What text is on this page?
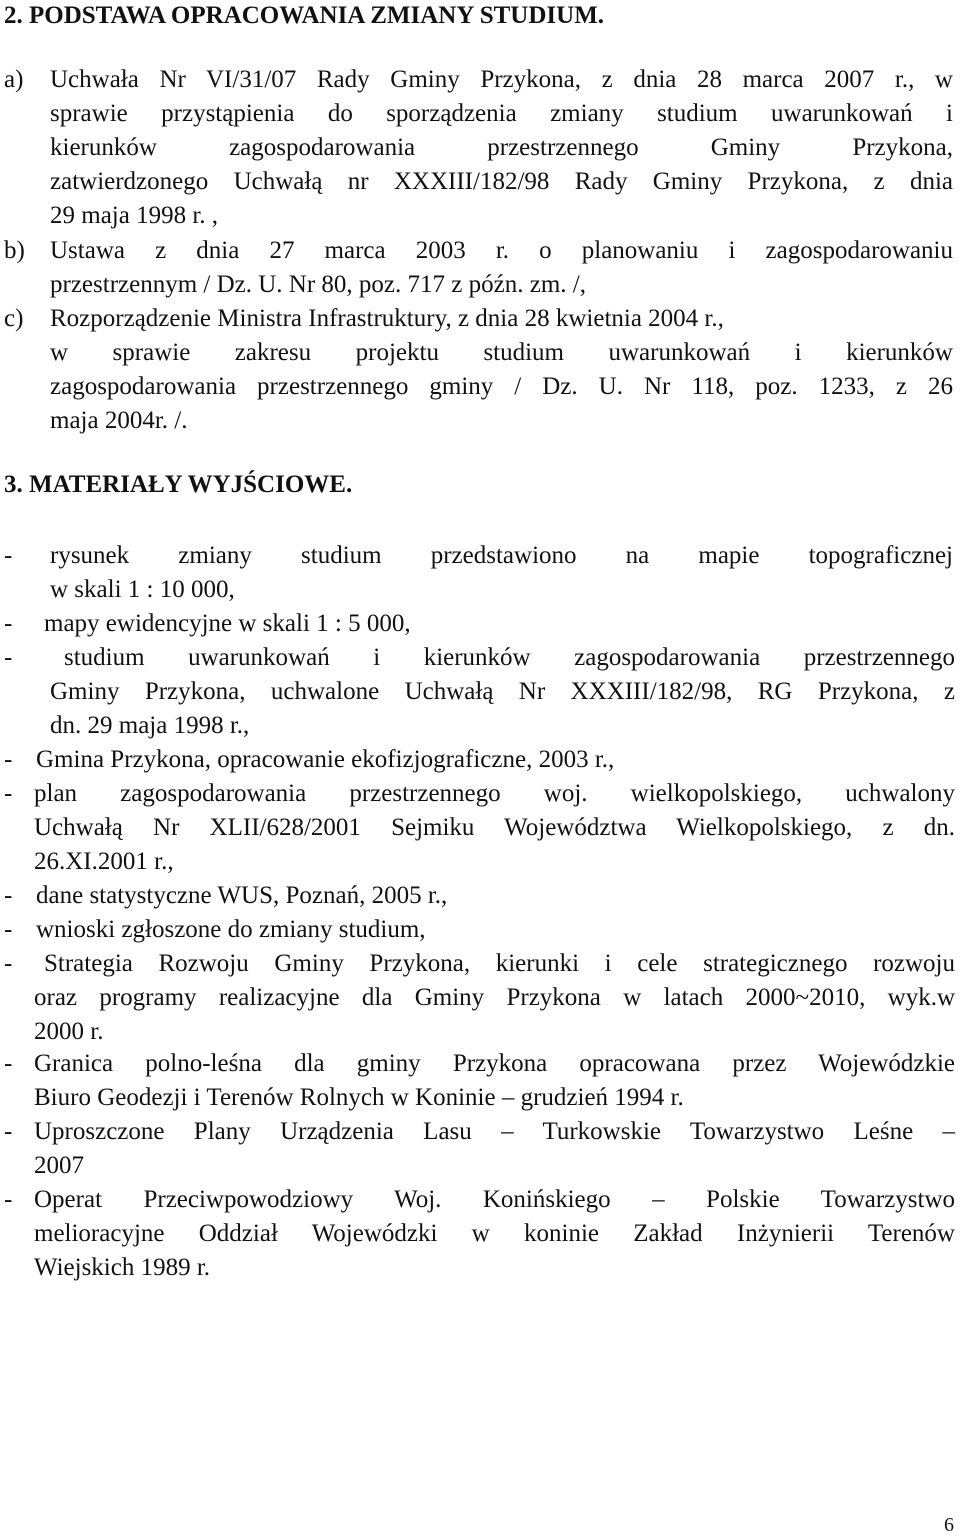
2. PODSTAWA OPRACOWANIA ZMIANY STUDIUM.
a) Uchwała Nr VI/31/07 Rady Gminy Przykona, z dnia 28 marca 2007 r., w
sprawie przystąpienia do sporządzenia zmiany studium uwarunkowań i
kierunków zagospodarowania przestrzennego Gminy Przykona,
zatwierdzonego Uchwałą nr XXXIII/182/98 Rady Gminy Przykona, z dnia
29 maja 1998 r. ,
b) Ustawa z dnia 27 marca 2003 r. o planowaniu i zagospodarowaniu
przestrzennym / Dz. U. Nr 80, poz. 717 z późn. zm. /,
c) Rozporządzenie Ministra Infrastruktury, z dnia 28 kwietnia 2004 r.,
w sprawie zakresu projektu studium uwarunkowań i kierunków
zagospodarowania przestrzennego gminy / Dz. U. Nr 118, poz. 1233, z 26
maja 2004r. /.
3. MATERIAŁY WYJŚCIOWE.
- rysunek zmiany studium przedstawiono na mapie topograficznej
w skali 1 : 10 000,
- mapy ewidencyjne w skali 1 : 5 000,
-	studium uwarunkowań i kierunków zagospodarowania przestrzennego
Gminy Przykona, uchwalone Uchwałą Nr XXXIII/182/98, RG Przykona, z
dn. 29 maja 1998 r.,
- Gmina Przykona, opracowanie ekofizjograficzne, 2003 r.,
- plan zagospodarowania przestrzennego woj. wielkopolskiego, uchwalony
Uchwałą Nr XLII/628/2001 Sejmiku Województwa Wielkopolskiego, z dn.
26.XI.2001 r.,
- dane statystyczne WUS, Poznań, 2005 r.,
- wnioski zgłoszone do zmiany studium,
-	Strategia Rozwoju Gminy Przykona, kierunki i cele strategicznego rozwoju
oraz programy realizacyjne dla Gminy Przykona w latach 2000~2010, wyk.w
2000 r.
- Granica polno-leśna dla gminy Przykona opracowana przez Wojewódzkie
Biuro Geodezji i Terenów Rolnych w Koninie – grudzień 1994 r.
- Uproszczone Plany Urządzenia Lasu – Turkowskie Towarzystwo Leśne –
2007
- Operat Przeciwpowodziowy Woj. Konińskiego – Polskie Towarzystwo
melioracyjne Oddział Wojewódzki w koninie Zakład Inżynierii Terenów
Wiejskich 1989 r.
6
